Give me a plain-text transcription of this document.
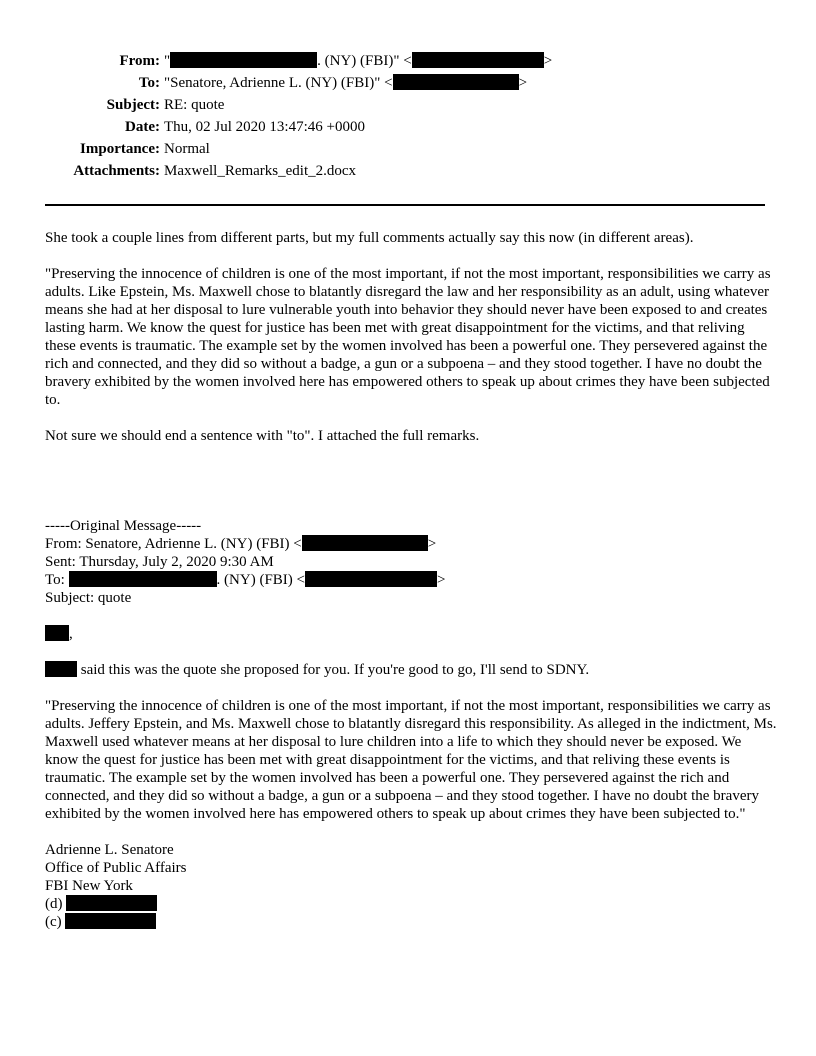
From: "	. (NY) (FBI)" <	>
To: "Senatore, Adrienne L. (NY) (FBI)" <	>
Subject: RE: quote
Date: Thu, 02 Jul 2020 13:47:46 +0000
Importance: Normal
Attachments: Maxwell_Remarks_edit_2.docx

She took a couple lines from different parts, but my full comments actually say this now (in different areas).

"Preserving the innocence of children is one of the most important, if not the most important, responsibilities we carry as adults. Like Epstein, Ms. Maxwell chose to blatantly disregard the law and her responsibility as an adult, using whatever means she had at her disposal to lure vulnerable youth into behavior they should never have been exposed to and creates lasting harm. We know the quest for justice has been met with great disappointment for the victims, and that reliving these events is traumatic. The example set by the women involved has been a powerful one. They persevered against the rich and connected, and they did so without a badge, a gun or a subpoena – and they stood together. I have no doubt the bravery exhibited by the women involved here has empowered others to speak up about crimes they have been subjected to.

Not sure we should end a sentence with "to". I attached the full remarks.

-----Original Message-----
From: Senatore, Adrienne L. (NY) (FBI) <	>
Sent: Thursday, July 2, 2020 9:30 AM
To:	. (NY) (FBI) <	>
Subject: quote
,
said this was the quote she proposed for you. If you're good to go, I'll send to SDNY.

"Preserving the innocence of children is one of the most important, if not the most important, responsibilities we carry as adults. Jeffery Epstein, and Ms. Maxwell chose to blatantly disregard this responsibility. As alleged in the indictment, Ms. Maxwell used whatever means at her disposal to lure children into a life to which they should never be exposed. We know the quest for justice has been met with great disappointment for the victims, and that reliving these events is traumatic. The example set by the women involved has been a powerful one. They persevered against the rich and connected, and they did so without a badge, a gun or a subpoena – and they stood together. I have no doubt the bravery exhibited by the women involved here has empowered others to speak up about crimes they have been subjected to."

Adrienne L. Senatore
Office of Public Affairs
FBI New York
(d)
(c)
